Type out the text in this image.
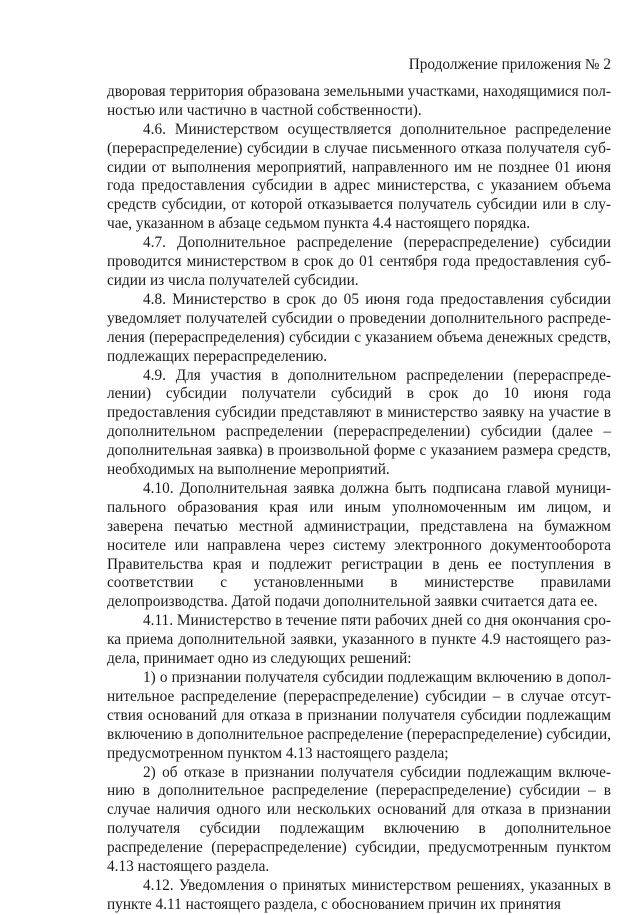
Продолжение приложения № 2

дворовая территория образована земельными участками, находящимися полностью или частично в частной собственности).

4.6. Министерством осуществляется дополнительное распределение (перераспределение) субсидии в случае письменного отказа получателя субсидии от выполнения мероприятий, направленного им не позднее 01 июня года предоставления субсидии в адрес министерства, с указанием объема средств субсидии, от которой отказывается получатель субсидии или в случае, указанном в абзаце седьмом пункта 4.4 настоящего порядка.

4.7. Дополнительное распределение (перераспределение) субсидии проводится министерством в срок до 01 сентября года предоставления субсидии из числа получателей субсидии.

4.8. Министерство в срок до 05 июня года предоставления субсидии уведомляет получателей субсидии о проведении дополнительного распределения (перераспределения) субсидии с указанием объема денежных средств, подлежащих перераспределению.

4.9. Для участия в дополнительном распределении (перераспределении) субсидии получатели субсидий в срок до 10 июня года предоставления субсидии представляют в министерство заявку на участие в дополнительном распределении (перераспределении) субсидии (далее – дополнительная заявка) в произвольной форме с указанием размера средств, необходимых на выполнение мероприятий.

4.10. Дополнительная заявка должна быть подписана главой муниципального образования края или иным уполномоченным им лицом, и заверена печатью местной администрации, представлена на бумажном носителе или направлена через систему электронного документооборота Правительства края и подлежит регистрации в день ее поступления в соответствии с установленными в министерстве правилами делопроизводства. Датой подачи дополнительной заявки считается дата ее.

4.11. Министерство в течение пяти рабочих дней со дня окончания срока приема дополнительной заявки, указанного в пункте 4.9 настоящего раздела, принимает одно из следующих решений:

1) о признании получателя субсидии подлежащим включению в дополнительное распределение (перераспределение) субсидии – в случае отсутствия оснований для отказа в признании получателя субсидии подлежащим включению в дополнительное распределение (перераспределение) субсидии, предусмотренном пунктом 4.13 настоящего раздела;

2) об отказе в признании получателя субсидии подлежащим включению в дополнительное распределение (перераспределение) субсидии – в случае наличия одного или нескольких оснований для отказа в признании получателя субсидии подлежащим включению в дополнительное распределение (перераспределение) субсидии, предусмотренным пунктом 4.13 настоящего раздела.

4.12. Уведомления о принятых министерством решениях, указанных в пункте 4.11 настоящего раздела, с обоснованием причин их принятия
